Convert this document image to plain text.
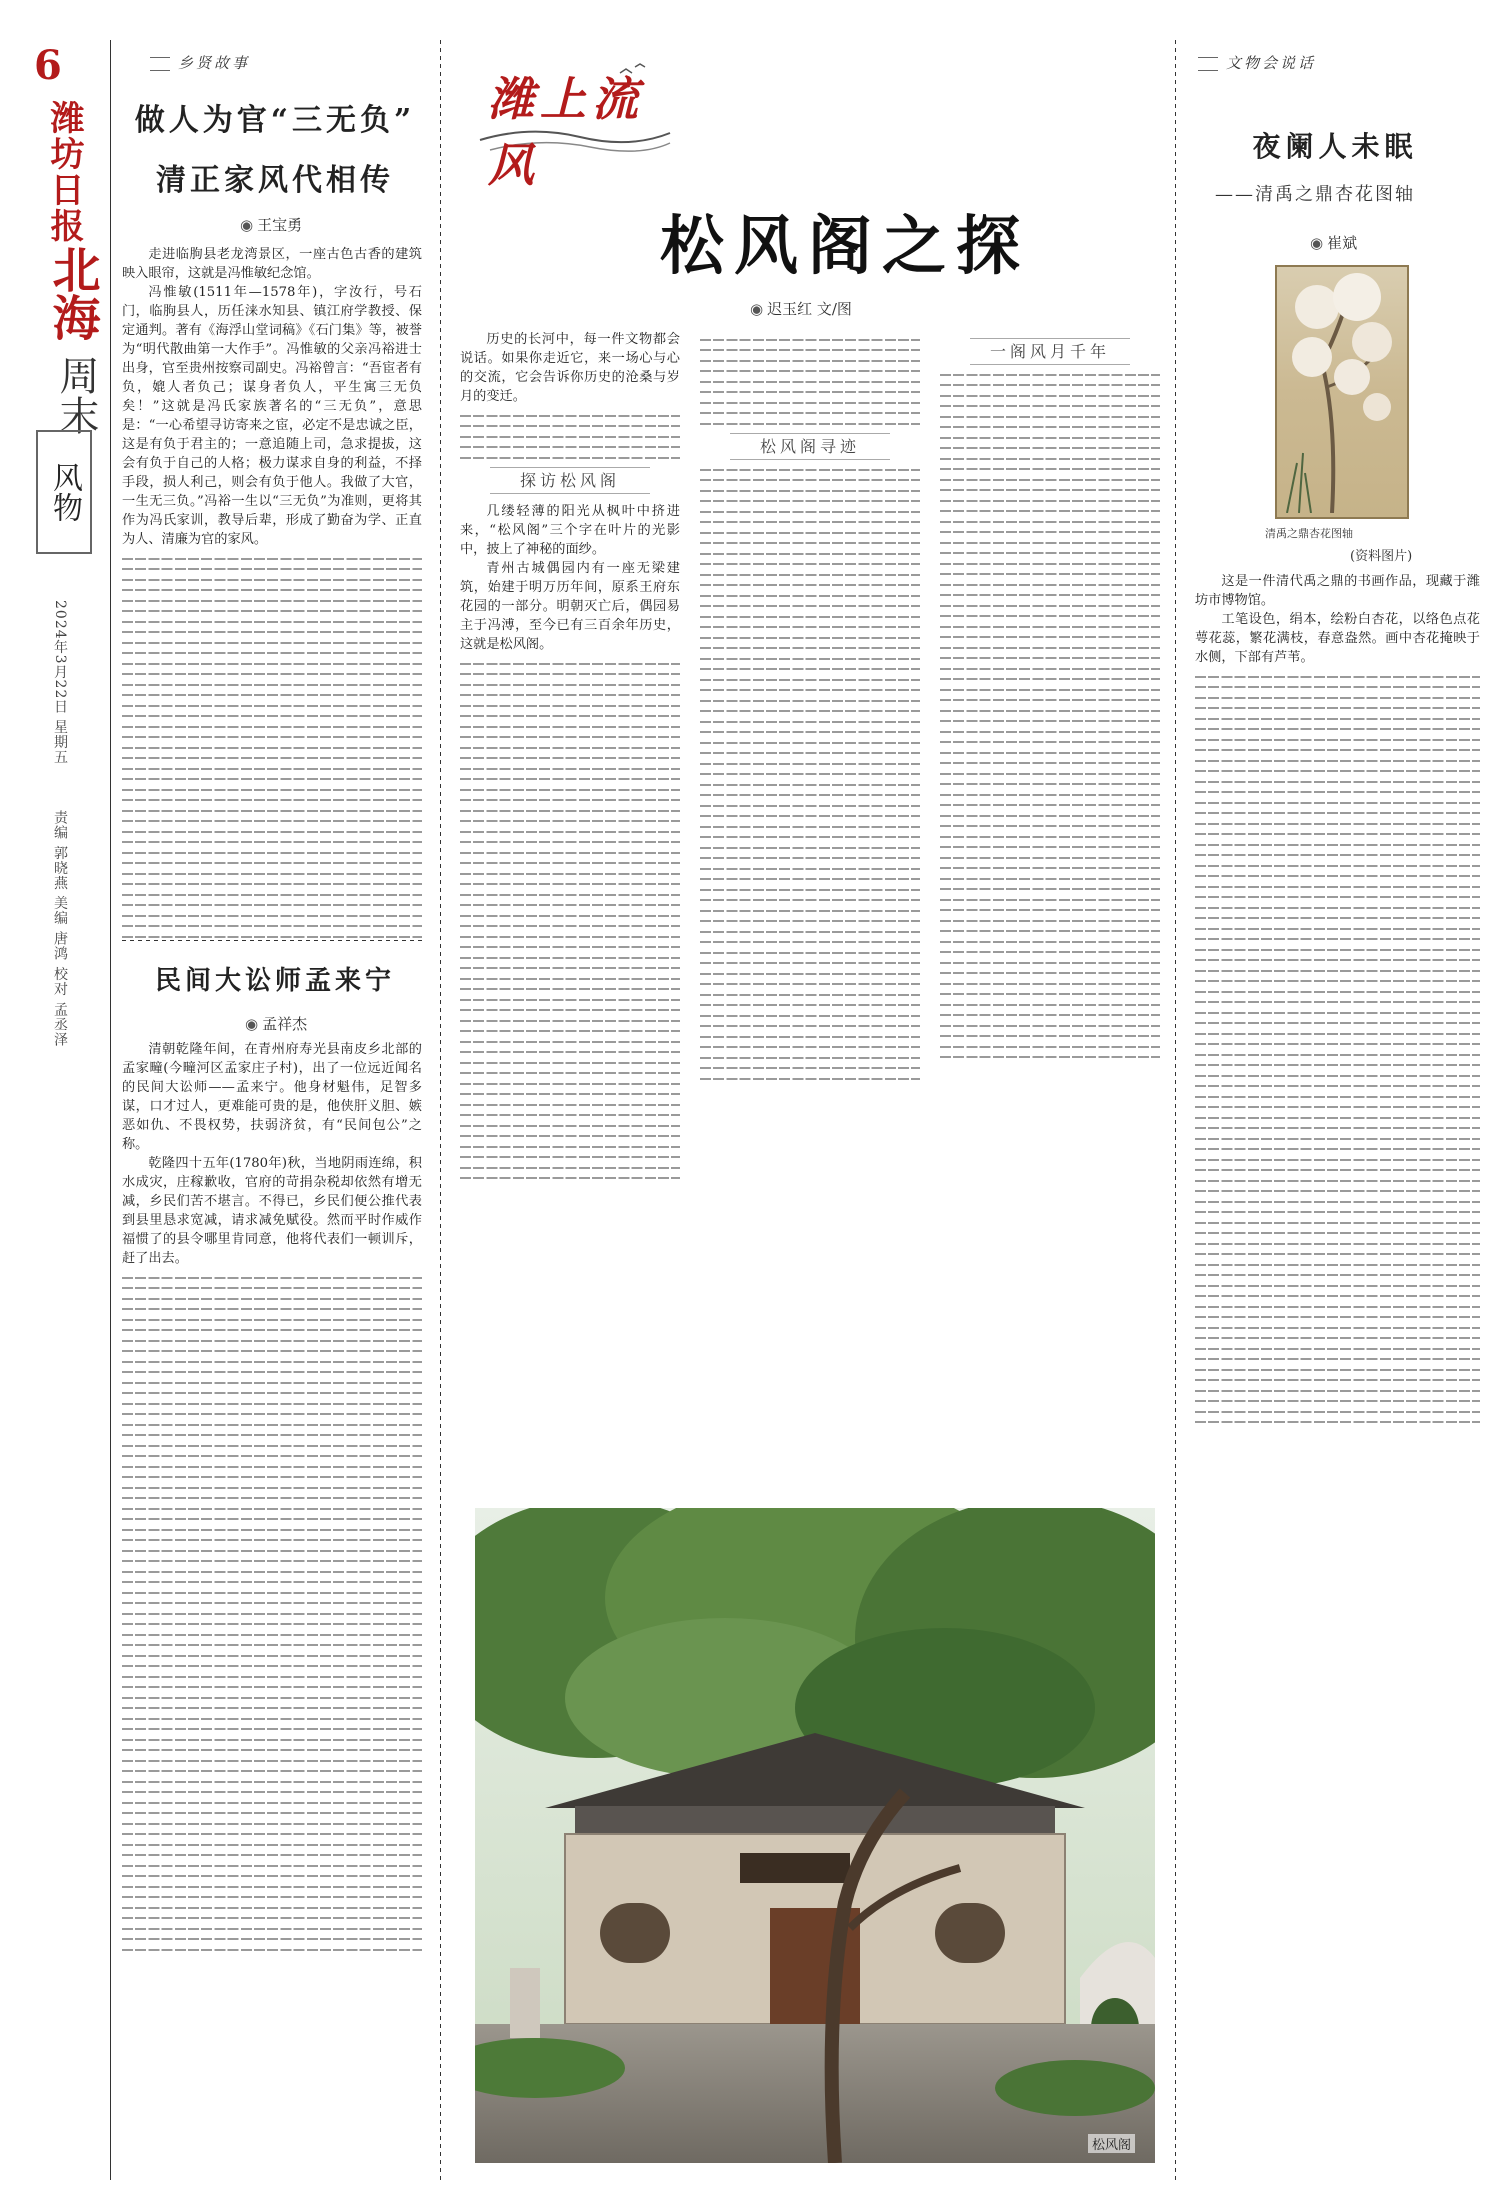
6
潍坊日报
北海
周末
风物
2024年3月22日 星期五
责编 郭晓燕 美编 唐鸿 校对 孟丞泽
乡贤故事
做人为官“三无负”
清正家风代相传
◉ 王宝勇

走进临朐县老龙湾景区，一座古色古香的建筑映入眼帘，这就是冯惟敏纪念馆。

冯惟敏(1511年—1578年)，字汝行，号石门，临朐县人，历任涞水知县、镇江府学教授、保定通判。著有《海浮山堂词稿》《石门集》等，被誉为“明代散曲第一大作手”。冯惟敏的父亲冯裕进士出身，官至贵州按察司副史。冯裕曾言：“吾宦者有负，媲人者负己；谋身者负人，平生寓三无负矣！”这就是冯氏家族著名的“三无负”，意思是：“一心希望寻访寄来之宦，必定不是忠诚之臣，这是有负于君主的；一意追随上司，急求提拔，这会有负于自己的人格；极力谋求自身的利益，不择手段，损人利己，则会有负于他人。我做了大官，一生无三负。”冯裕一生以“三无负”为准则，更将其作为冯氏家训，教导后辈，形成了勤奋为学、正直为人、清廉为官的家风。

民间大讼师孟来宁
◉ 孟祥杰

清朝乾隆年间，在青州府寿光县南皮乡北部的孟家疃(今疃河区孟家庄子村)，出了一位远近闻名的民间大讼师——孟来宁。他身材魁伟，足智多谋，口才过人，更难能可贵的是，他侠肝义胆、嫉恶如仇、不畏权势，扶弱济贫，有“民间包公”之称。

乾隆四十五年(1780年)秋，当地阴雨连绵，积水成灾，庄稼歉收，官府的苛捐杂税却依然有增无减，乡民们苦不堪言。不得已，乡民们便公推代表到县里恳求宽减，请求减免赋役。然而平时作威作福惯了的县令哪里肯同意，他将代表们一顿训斥，赶了出去。

潍上流风
松风阁之探
◉ 迟玉红 文/图

历史的长河中，每一件文物都会说话。如果你走近它，来一场心与心的交流，它会告诉你历史的沧桑与岁月的变迁。

探访松风阁

几缕轻薄的阳光从枫叶中挤进来，“松风阁”三个字在叶片的光影中，披上了神秘的面纱。

青州古城偶园内有一座无梁建筑，始建于明万历年间，原系王府东花园的一部分。明朝灭亡后，偶园易主于冯溥，至今已有三百余年历史，这就是松风阁。

松风阁寻迹
一阁风月千年
松风阁
文物会说话
夜阑人未眠
——清禹之鼎杏花图轴
◉ 崔斌
清禹之鼎杏花图轴
(资料图片)

这是一件清代禹之鼎的书画作品，现藏于潍坊市博物馆。

工笔设色，绢本，绘粉白杏花，以络色点花萼花蕊，繁花满枝，春意盎然。画中杏花掩映于水侧，下部有芦苇。
